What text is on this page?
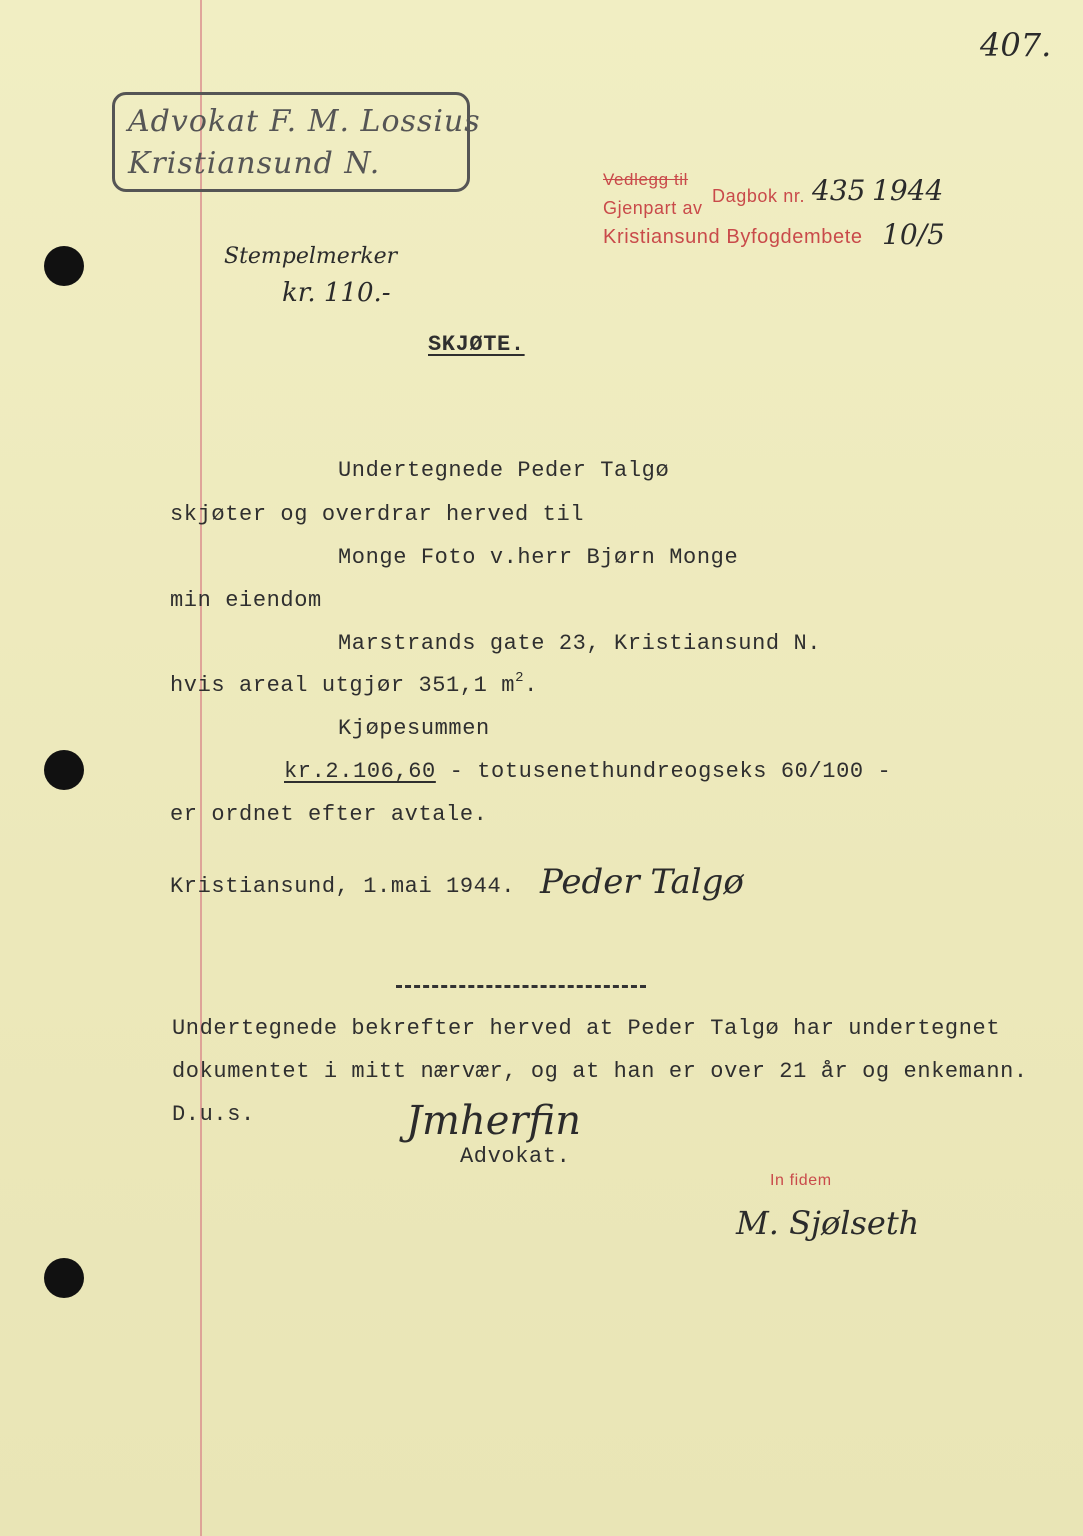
407.
Advokat F. M. Lossius
Kristiansund N.	Vedlegg til
Gjenpart av
Dagbok nr. 435 1944
Kristiansund Byfogdembete 10/5
Stempelmerker
kr. 110.-
SKJØTE.
Undertegnede Peder Talgø
skjøter og overdrar herved til
Monge Foto v.herr Bjørn Monge
min eiendom
Marstrands gate 23, Kristiansund N.
hvis areal utgjør 351,1 $m^2$.
Kjøpesummen
kr.2.106,60 - totusenethundreogseks 60/100 -
er ordnet efter avtale.
Kristiansund, 1.mai 1944. Peder Talgø
Undertegnede bekrefter herved at Peder Talgø har undertegnet
dokumentet i mitt nærvær, og at han er over 21 år og enkemann.
D.u.s.	Jmherfin
Advokat.
In fidem
M. Sjølseth
